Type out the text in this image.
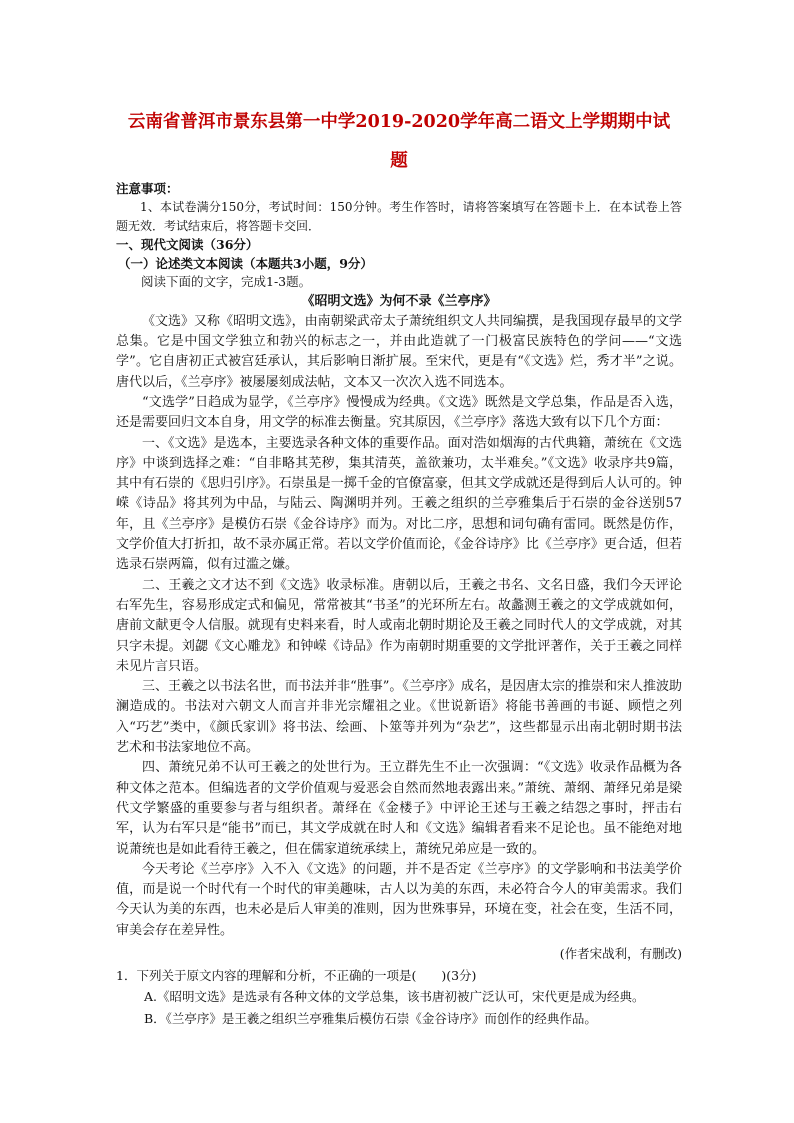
云南省普洱市景东县第一中学2019-2020学年高二语文上学期期中试
题

注意事项：

1、本试卷满分150分，考试时间：150分钟。考生作答时，请将答案填写在答题卡上．在本试卷上答题无效．考试结束后，将答题卡交回．

一、现代文阅读（36分）

（一）论述类文本阅读（本题共3小题，9分）

阅读下面的文字，完成1-3题。

《昭明文选》为何不录《兰亭序》

《文选》又称《昭明文选》，由南朝梁武帝太子萧统组织文人共同编撰，是我国现存最早的文学总集。它是中国文学独立和勃兴的标志之一，并由此造就了一门极富民族特色的学问——“文选学”。它自唐初正式被宫廷承认，其后影响日渐扩展。至宋代，更是有“《文选》烂，秀才半”之说。唐代以后，《兰亭序》被屡屡刻成法帖，文本又一次次入选不同选本。

“文选学”日趋成为显学，《兰亭序》慢慢成为经典。《文选》既然是文学总集，作品是否入选，还是需要回归文本自身，用文学的标准去衡量。究其原因，《兰亭序》落选大致有以下几个方面：

一、《文选》是选本，主要选录各种文体的重要作品。面对浩如烟海的古代典籍，萧统在《文选序》中谈到选择之难：“自非略其芜秽，集其清英，盖欲兼功，太半难矣。”《文选》收录序共9篇，其中有石崇的《思归引序》。石崇虽是一掷千金的官僚富豪，但其文学成就还是得到后人认可的。钟嵘《诗品》将其列为中品，与陆云、陶渊明并列。王羲之组织的兰亭雅集后于石崇的金谷送别57年，且《兰亭序》是模仿石崇《金谷诗序》而为。对比二序，思想和词句确有雷同。既然是仿作，文学价值大打折扣，故不录亦属正常。若以文学价值而论，《金谷诗序》比《兰亭序》更合适，但若选录石崇两篇，似有过滥之嫌。

二、王羲之文才达不到《文选》收录标准。唐朝以后，王羲之书名、文名日盛，我们今天评论右军先生，容易形成定式和偏见，常常被其“书圣”的光环所左右。故蠡测王羲之的文学成就如何，唐前文献更令人信服。就现有史料来看，时人或南北朝时期论及王羲之同时代人的文学成就，对其只字未提。刘勰《文心雕龙》和钟嵘《诗品》作为南朝时期重要的文学批评著作，关于王羲之同样未见片言只语。

三、王羲之以书法名世，而书法并非“胜事”。《兰亭序》成名，是因唐太宗的推崇和宋人推波助澜造成的。书法对六朝文人而言并非光宗耀祖之业。《世说新语》将能书善画的韦诞、顾恺之列入“巧艺”类中，《颜氏家训》将书法、绘画、卜筮等并列为“杂艺”，这些都显示出南北朝时期书法艺术和书法家地位不高。

四、萧统兄弟不认可王羲之的处世行为。王立群先生不止一次强调：“《文选》收录作品概为各种文体之范本。但编选者的文学价值观与爱恶会自然而然地表露出来。”萧统、萧纲、萧绎兄弟是梁代文学繁盛的重要参与者与组织者。萧绎在《金楼子》中评论王述与王羲之结怨之事时，抨击右军，认为右军只是“能书”而已，其文学成就在时人和《文选》编辑者看来不足论也。虽不能绝对地说萧统也是如此看待王羲之，但在儒家道统承续上，萧统兄弟应是一致的。

今天考论《兰亭序》入不入《文选》的问题，并不是否定《兰亭序》的文学影响和书法美学价值，而是说一个时代有一个时代的审美趣味，古人以为美的东西，未必符合今人的审美需求。我们今天认为美的东西，也未必是后人审美的准则，因为世殊事异，环境在变，社会在变，生活不同，审美会存在差异性。

(作者宋战利，有删改)

1．下列关于原文内容的理解和分析，不正确的一项是(　　)(3分)

A.《昭明文选》是选录有各种文体的文学总集，该书唐初被广泛认可，宋代更是成为经典。

B．《兰亭序》是王羲之组织兰亭雅集后模仿石崇《金谷诗序》而创作的经典作品。
